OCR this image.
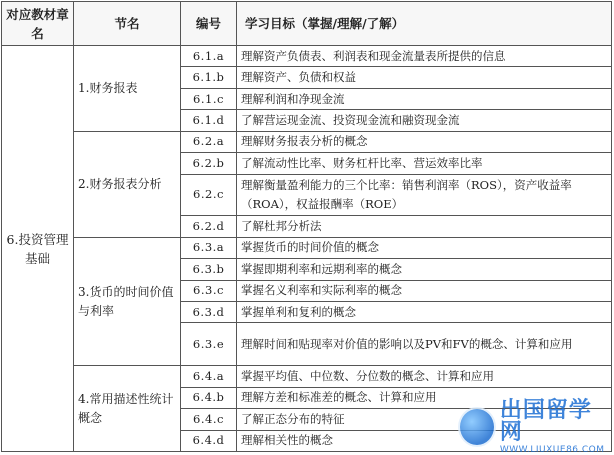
对应教材章名	节名	编号	学习目标（掌握/理解/了解）
6.投资管理基础	1.财务报表	6.1.a	理解资产负债表、利润表和现金流量表所提供的信息
		6.1.b	理解资产、负债和权益
		6.1.c	理解利润和净现金流
		6.1.d	了解营运现金流、投资现金流和融资现金流
	2.财务报表分析	6.2.a	理解财务报表分析的概念
		6.2.b	了解流动性比率、财务杠杆比率、营运效率比率
		6.2.c	理解衡量盈利能力的三个比率：销售利润率（ROS），资产收益率（ROA），权益报酬率（ROE）
		6.2.d	了解杜邦分析法
	3.货币的时间价值与利率	6.3.a	掌握货币的时间价值的概念
		6.3.b	掌握即期利率和远期利率的概念
		6.3.c	掌握名义利率和实际利率的概念
		6.3.d	掌握单利和复利的概念
		6.3.e	理解时间和贴现率对价值的影响以及PV和FV的概念、计算和应用
	4.常用描述性统计概念	6.4.a	掌握平均值、中位数、分位数的概念、计算和应用
		6.4.b	理解方差和标准差的概念、计算和应用
		6.4.c	了解正态分布的特征
		6.4.d	理解相关性的概念
出国留学网
WWW.LIUXUE86.COM
